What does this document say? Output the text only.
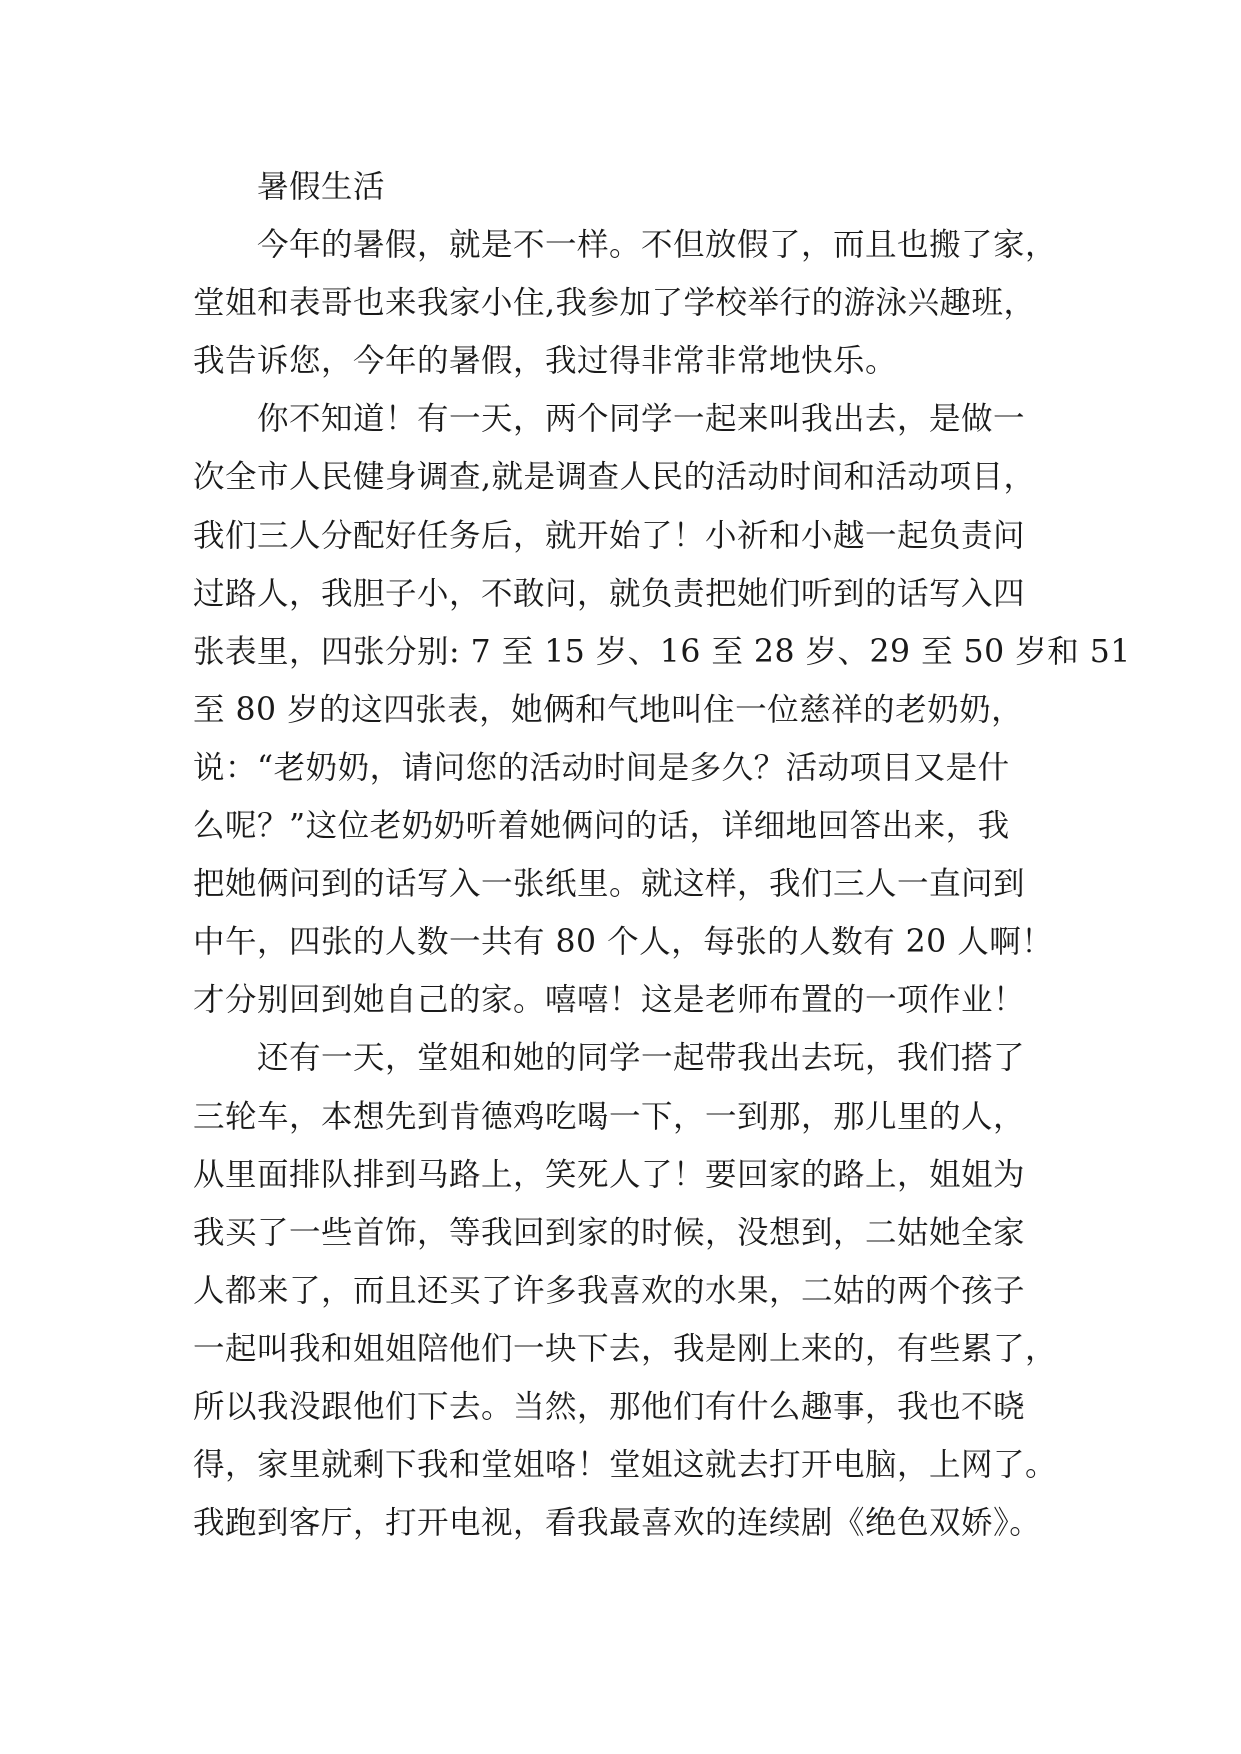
暑假生活
今年的暑假，就是不一样。不但放假了，而且也搬了家，
堂姐和表哥也来我家小住,我参加了学校举行的游泳兴趣班，
我告诉您，今年的暑假，我过得非常非常地快乐。
你不知道！有一天，两个同学一起来叫我出去，是做一
次全市人民健身调查,就是调查人民的活动时间和活动项目，
我们三人分配好任务后，就开始了！小祈和小越一起负责问
过路人，我胆子小，不敢问，就负责把她们听到的话写入四
张表里，四张分别: 7 至 15 岁、16 至 28 岁、29 至 50 岁和 51
至 80 岁的这四张表，她俩和气地叫住一位慈祥的老奶奶，
说：“老奶奶，请问您的活动时间是多久？活动项目又是什
么呢？”这位老奶奶听着她俩问的话，详细地回答出来，我
把她俩问到的话写入一张纸里。就这样，我们三人一直问到
中午，四张的人数一共有 80 个人，每张的人数有 20 人啊！
才分别回到她自己的家。嘻嘻！这是老师布置的一项作业！
还有一天，堂姐和她的同学一起带我出去玩，我们搭了
三轮车，本想先到肯德鸡吃喝一下，一到那，那儿里的人，
从里面排队排到马路上，笑死人了！要回家的路上，姐姐为
我买了一些首饰，等我回到家的时候，没想到，二姑她全家
人都来了，而且还买了许多我喜欢的水果，二姑的两个孩子
一起叫我和姐姐陪他们一块下去，我是刚上来的，有些累了，
所以我没跟他们下去。当然，那他们有什么趣事，我也不晓
得，家里就剩下我和堂姐咯！堂姐这就去打开电脑，上网了。
我跑到客厅，打开电视，看我最喜欢的连续剧《绝色双娇》。
